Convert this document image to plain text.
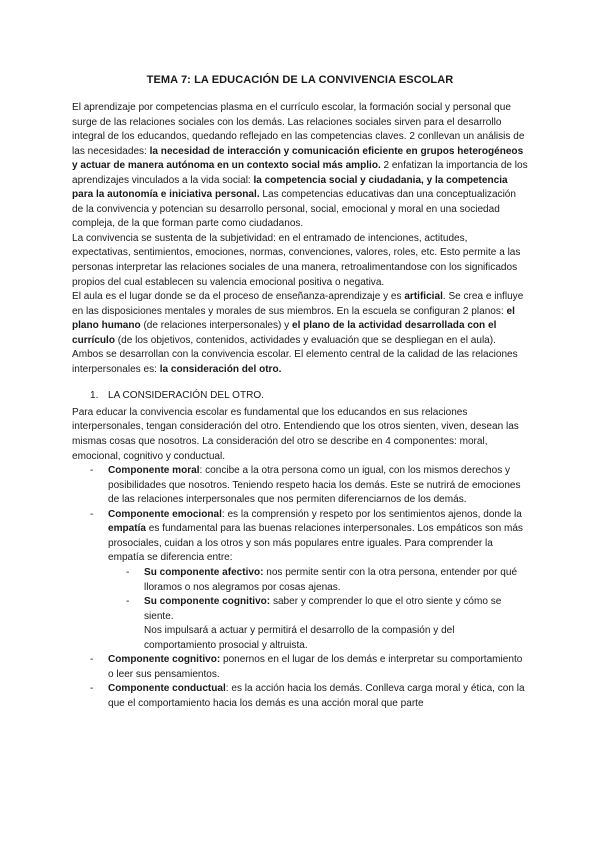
TEMA 7: LA EDUCACIÓN DE LA CONVIVENCIA ESCOLAR

El aprendizaje por competencias plasma en el currículo escolar, la formación social y personal que surge de las relaciones sociales con los demás. Las relaciones sociales sirven para el desarrollo integral de los educandos, quedando reflejado en las competencias claves. 2 conllevan un análisis de las necesidades: la necesidad de interacción y comunicación eficiente en grupos heterogéneos y actuar de manera autónoma en un contexto social más amplio. 2 enfatizan la importancia de los aprendizajes vinculados a la vida social: la competencia social y ciudadania, y la competencia para la autonomía e iniciativa personal. Las competencias educativas dan una conceptualización de la convivencia y potencian su desarrollo personal, social, emocional y moral en una sociedad compleja, de la que forman parte como ciudadanos.

La convivencia se sustenta de la subjetividad: en el entramado de intenciones, actitudes, expectativas, sentimientos, emociones, normas, convenciones, valores, roles, etc. Esto permite a las personas interpretar las relaciones sociales de una manera, retroalimentandose con los significados propios del cual establecen su valencia emocional positiva o negativa.

El aula es el lugar donde se da el proceso de enseñanza-aprendizaje y es artificial. Se crea e influye en las disposiciones mentales y morales de sus miembros. En la escuela se configuran 2 planos: el plano humano (de relaciones interpersonales) y el plano de la actividad desarrollada con el currículo (de los objetivos, contenidos, actividades y evaluación que se despliegan en el aula). Ambos se desarrollan con la convivencia escolar. El elemento central de la calidad de las relaciones interpersonales es: la consideración del otro.

1. LA CONSIDERACIÓN DEL OTRO.

Para educar la convivencia escolar es fundamental que los educandos en sus relaciones interpersonales, tengan consideración del otro. Entendiendo que los otros sienten, viven, desean las mismas cosas que nosotros. La consideración del otro se describe en 4 componentes: moral, emocional, cognitivo y conductual.

- Componente moral: concibe a la otra persona como un igual, con los mismos derechos y posibilidades que nosotros. Teniendo respeto hacia los demás. Este se nutrirá de emociones de las relaciones interpersonales que nos permiten diferenciarnos de los demás.
- Componente emocional: es la comprensión y respeto por los sentimientos ajenos, donde la empatía es fundamental para las buenas relaciones interpersonales. Los empáticos son más prosociales, cuidan a los otros y son más populares entre iguales. Para comprender la empatía se diferencia entre:
- Su componente afectivo: nos permite sentir con la otra persona, entender por qué lloramos o nos alegramos por cosas ajenas.
- Su componente cognitivo: saber y comprender lo que el otro siente y cómo se siente.
Nos impulsará a actuar y permitirá el desarrollo de la compasión y del comportamiento prosocial y altruista.
- Componente cognitivo: ponernos en el lugar de los demás e interpretar su comportamiento o leer sus pensamientos.
- Componente conductual: es la acción hacia los demás. Conlleva carga moral y ética, con la que el comportamiento hacia los demás es una acción moral que parte
